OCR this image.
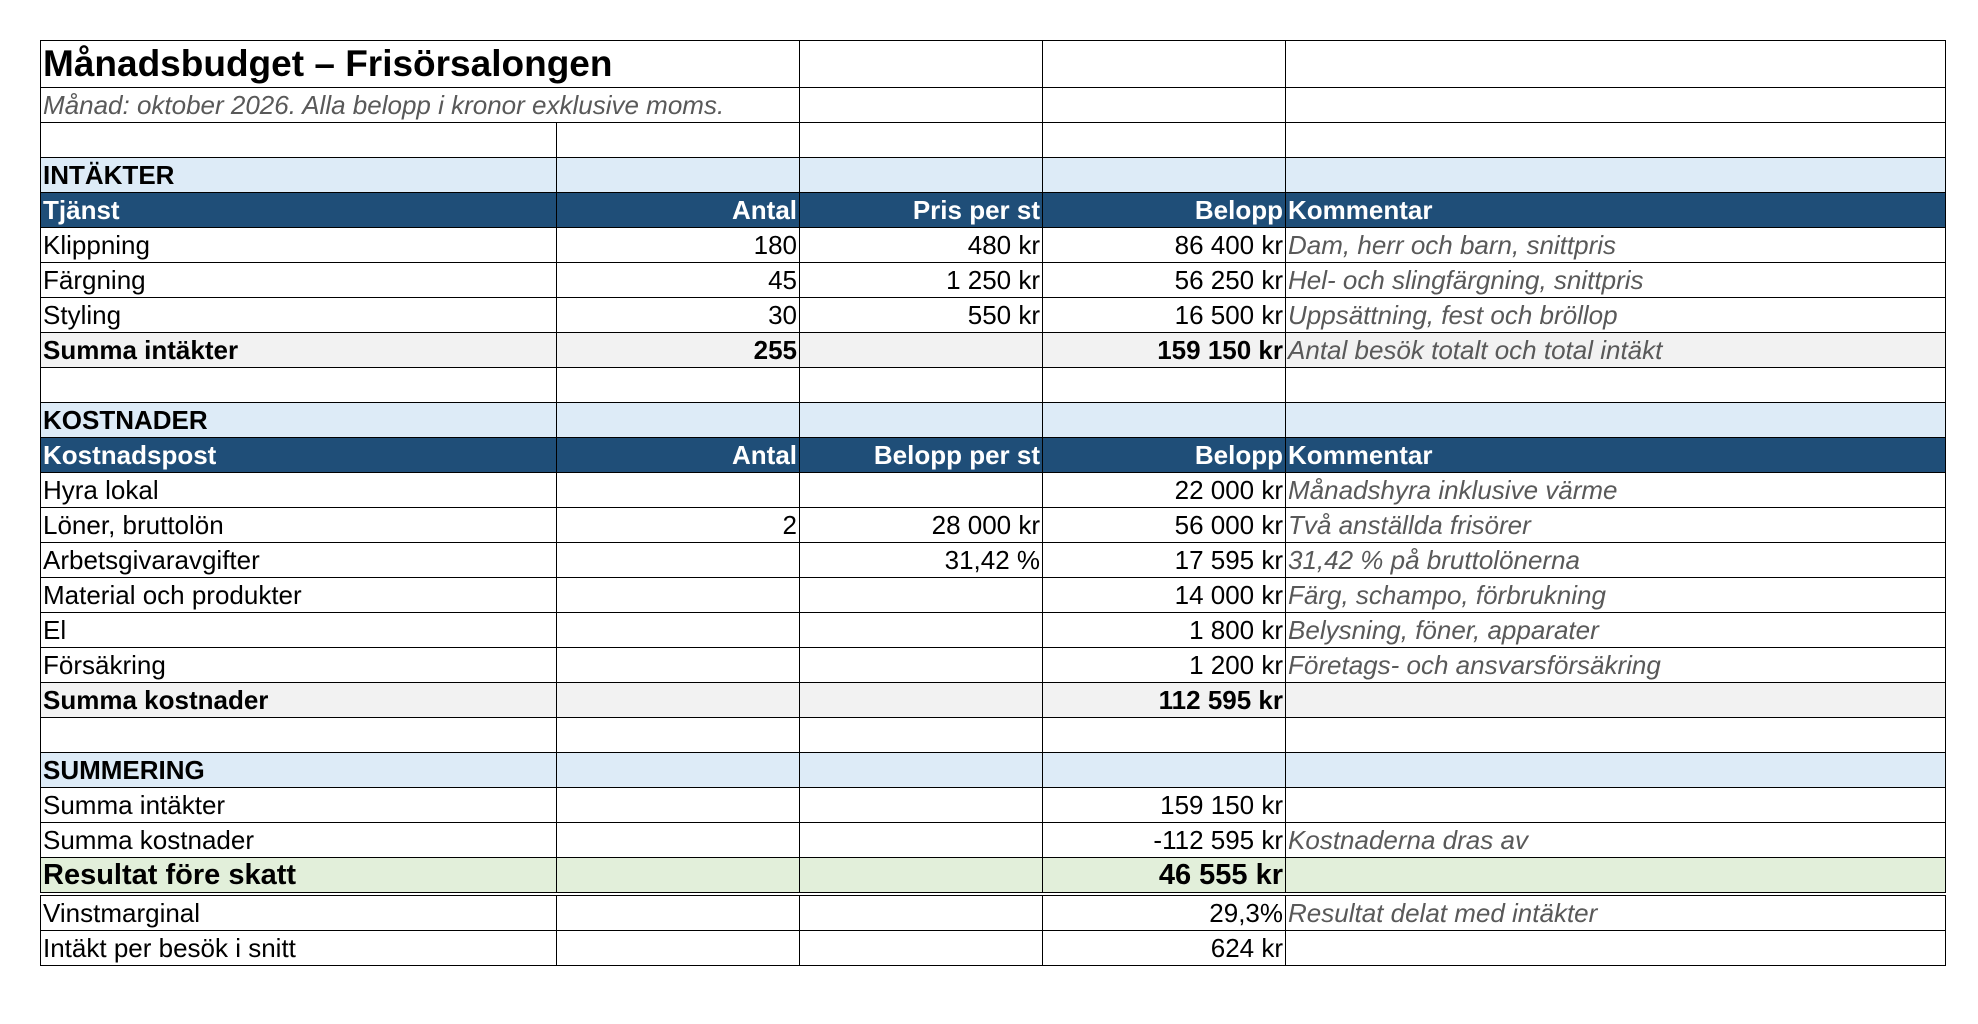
Månadsbudget – Frisörsalongen				
Månad: oktober 2026. Alla belopp i kronor exklusive moms.				

INTÄKTER				
Tjänst	Antal	Pris per st	Belopp	Kommentar
Klippning	180	480 kr	86 400 kr	Dam, herr och barn, snittpris
Färgning	45	1 250 kr	56 250 kr	Hel- och slingfärgning, snittpris
Styling	30	550 kr	16 500 kr	Uppsättning, fest och bröllop
Summa intäkter	255		159 150 kr	Antal besök totalt och total intäkt

KOSTNADER				
Kostnadspost	Antal	Belopp per st	Belopp	Kommentar
Hyra lokal			22 000 kr	Månadshyra inklusive värme
Löner, bruttolön	2	28 000 kr	56 000 kr	Två anställda frisörer
Arbetsgivaravgifter		31,42 %	17 595 kr	31,42 % på bruttolönerna
Material och produkter			14 000 kr	Färg, schampo, förbrukning
El			1 800 kr	Belysning, föner, apparater
Försäkring			1 200 kr	Företags- och ansvarsförsäkring
Summa kostnader			112 595 kr	

SUMMERING				
Summa intäkter			159 150 kr	
Summa kostnader			-112 595 kr	Kostnaderna dras av
Resultat före skatt			46 555 kr	
Vinstmarginal			29,3%	Resultat delat med intäkter
Intäkt per besök i snitt			624 kr	
